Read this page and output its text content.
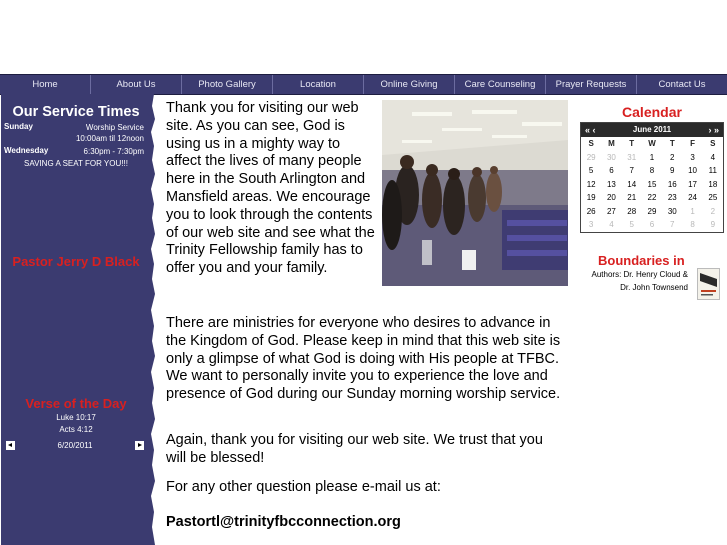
Home	About Us	Photo Gallery	Location	Online Giving	Care Counseling	Prayer Requests	Contact Us
Our Service Times
Sunday	Worship Service
10:00am til 12noon
Wednesday	6:30pm - 7:30pm
SAVING A SEAT FOR YOU!!!
Pastor Jerry D Black
Verse of the Day
Luke 10:17
Acts 4:12
6/20/2011
Thank you for visiting our web site. As you can see, God is using us in a mighty way to affect the lives of many people here in the South Arlington and Mansfield areas. We encourage you to look through the contents of our web site and see what the Trinity Fellowship family has to offer you and your family.
There are ministries for everyone who desires to advance in the Kingdom of God. Please keep in mind that this web site is only a glimpse of what God is doing with His people at TFBC. We want to personally invite you to experience the love and presence of God during our Sunday morning worship service.
Again, thank you for visiting our web site. We trust that you will be blessed!
For any other question please e-mail us at:
Pastortl@trinityfbcconnection.org
Calendar
« ‹	June 2011	› »
S	M	T	W	T	F	S
29	30	31	1	2	3	4
5	6	7	8	9	10	11
12	13	14	15	16	17	18
19	20	21	22	23	24	25
26	27	28	29	30	1	2
3	4	5	6	7	8	9
Boundaries in
Authors: Dr. Henry Cloud &
Dr. John Townsend
